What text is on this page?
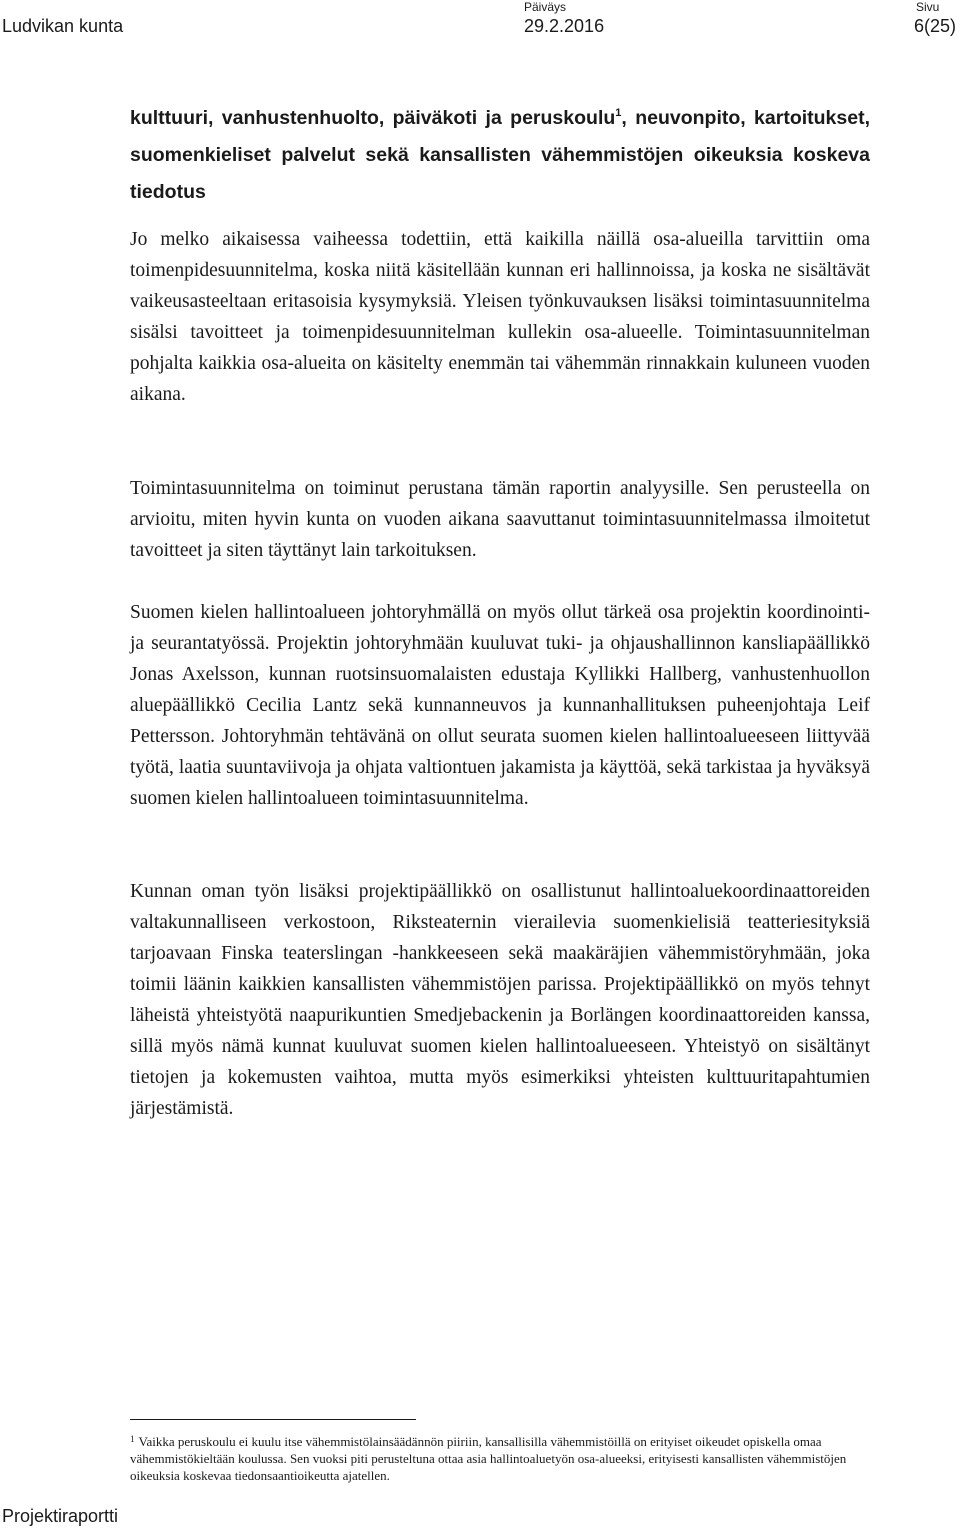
Ludvikan kunta
Päiväys
29.2.2016
Sivu
6(25)
kulttuuri, vanhustenhuolto, päiväkoti ja peruskoulu$^1$, neuvonpito, kartoitukset, suomenkieliset palvelut sekä kansallisten vähemmistöjen oikeuksia koskeva tiedotus

Jo melko aikaisessa vaiheessa todettiin, että kaikilla näillä osa-alueilla tarvittiin oma toimenpidesuunnitelma, koska niitä käsitellään kunnan eri hallinnoissa, ja koska ne sisältävät vaikeusasteeltaan eritasoisia kysymyksiä. Yleisen työnkuvauksen lisäksi toimintasuunnitelma sisälsi tavoitteet ja toimenpidesuunnitelman kullekin osa-alueelle. Toimintasuunnitelman pohjalta kaikkia osa-alueita on käsitelty enemmän tai vähemmän rinnakkain kuluneen vuoden aikana.

Toimintasuunnitelma on toiminut perustana tämän raportin analyysille. Sen perusteella on arvioitu, miten hyvin kunta on vuoden aikana saavuttanut toimintasuunnitelmassa ilmoitetut tavoitteet ja siten täyttänyt lain tarkoituksen.

Suomen kielen hallintoalueen johtoryhmällä on myös ollut tärkeä osa projektin koordinointi- ja seurantatyössä. Projektin johtoryhmään kuuluvat tuki- ja ohjaushallinnon kansliapäällikkö Jonas Axelsson, kunnan ruotsinsuomalaisten edustaja Kyllikki Hallberg, vanhustenhuollon aluepäällikkö Cecilia Lantz sekä kunnanneuvos ja kunnanhallituksen puheenjohtaja Leif Pettersson. Johtoryhmän tehtävänä on ollut seurata suomen kielen hallintoalueeseen liittyvää työtä, laatia suuntaviivoja ja ohjata valtiontuen jakamista ja käyttöä, sekä tarkistaa ja hyväksyä suomen kielen hallintoalueen toimintasuunnitelma.

Kunnan oman työn lisäksi projektipäällikkö on osallistunut hallintoaluekoordinaattoreiden valtakunnalliseen verkostoon, Riksteaternin vierailevia suomenkielisiä teatteriesityksiä tarjoavaan Finska teaterslingan -hankkeeseen sekä maakäräjien vähemmistöryhmään, joka toimii läänin kaikkien kansallisten vähemmistöjen parissa. Projektipäällikkö on myös tehnyt läheistä yhteistyötä naapurikuntien Smedjebackenin ja Borlängen koordinaattoreiden kanssa, sillä myös nämä kunnat kuuluvat suomen kielen hallintoalueeseen. Yhteistyö on sisältänyt tietojen ja kokemusten vaihtoa, mutta myös esimerkiksi yhteisten kulttuuritapahtumien järjestämistä.

$^1$ Vaikka peruskoulu ei kuulu itse vähemmistölainsäädännön piiriin, kansallisilla vähemmistöillä on erityiset oikeudet opiskella omaa vähemmistökieltään koulussa. Sen vuoksi piti perusteltuna ottaa asia hallintoaluetyön osa-alueeksi, erityisesti kansallisten vähemmistöjen oikeuksia koskevaa tiedonsaantioikeutta ajatellen.

Projektiraportti
